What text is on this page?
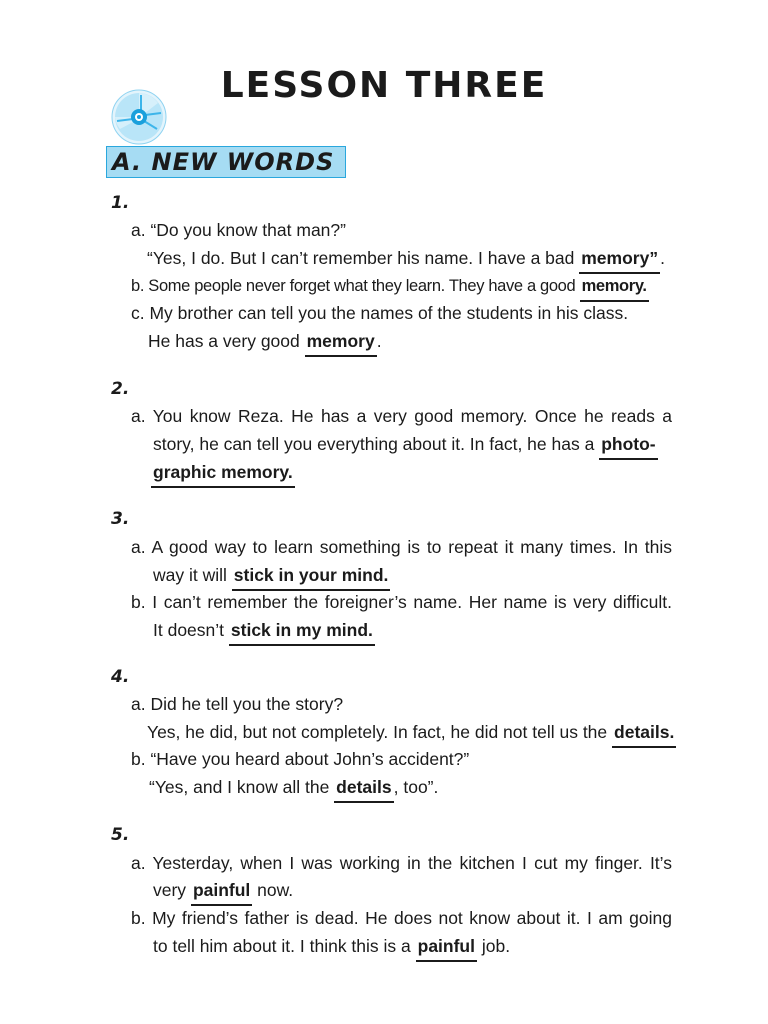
LESSON THREE
A. NEW WORDS
1.
a. “Do you know that man?”
“Yes, I do. But I can’t remember his name. I have a bad memory” .
b. Some people never forget what they learn. They have a good memory.
c. My brother can tell you the names of the students in his class.
He has a very good memory .
2.
a. You know Reza. He has a very good memory. Once he reads a
story, he can tell you everything about it. In fact, he has a photo-
graphic memory.
3.
a. A good way to learn something is to repeat it many times. In this
way it will stick in your mind.
b. I can’t remember the foreigner’s name. Her name is very difficult.
It doesn’t stick in my mind.
4.
a. Did he tell you the story?
Yes, he did, but not completely. In fact, he did not tell us the details.
b. “Have you heard about John’s accident?”
“Yes, and I know all the details , too”.
5.
a. Yesterday, when I was working in the kitchen I cut my finger. It’s
very painful now.
b. My friend’s father is dead. He does not know about it. I am going
to tell him about it. I think this is a painful job.
